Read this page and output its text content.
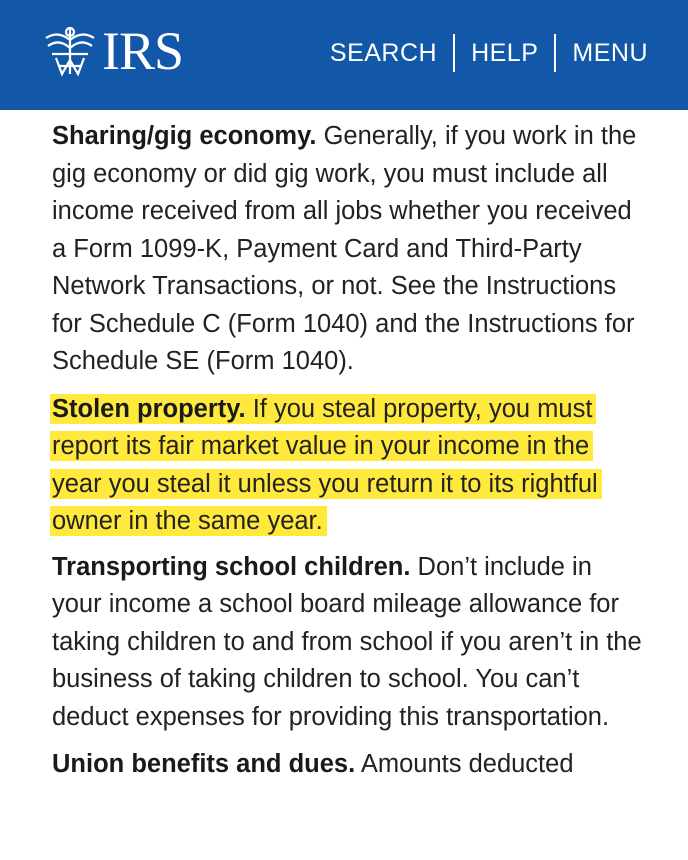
IRS	SEARCH HELP MENU

Sharing/gig economy. Generally, if you work in the gig economy or did gig work, you must include all income received from all jobs whether you received a Form 1099-K, Payment Card and Third-Party Network Transactions, or not. See the Instructions for Schedule C (Form 1040) and the Instructions for Schedule SE (Form 1040).

Stolen property. If you steal property, you must report its fair market value in your income in the year you steal it unless you return it to its rightful owner in the same year.

Transporting school children. Don’t include in your income a school board mileage allowance for taking children to and from school if you aren’t in the business of taking children to school. You can’t deduct expenses for providing this transportation.

Union benefits and dues. Amounts deducted
